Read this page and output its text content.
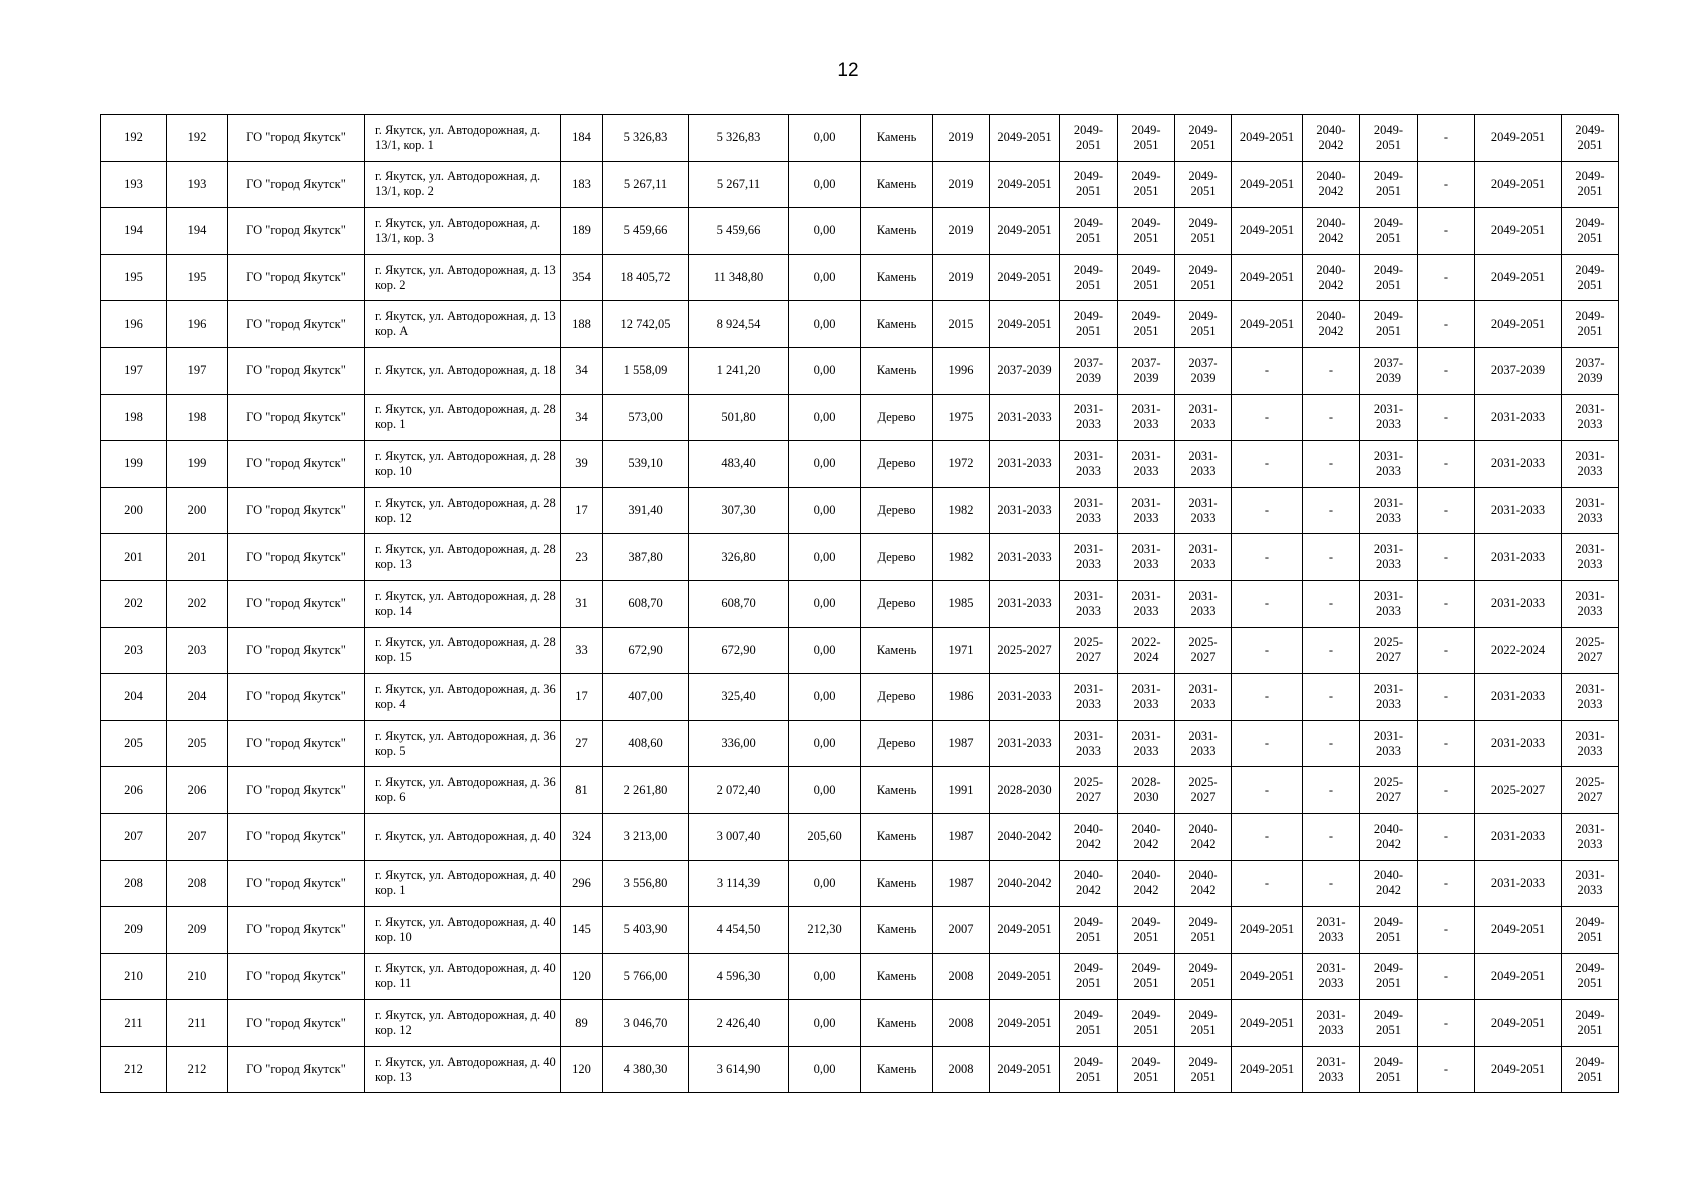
12
192	192	ГО "город Якутск"	г. Якутск, ул. Автодорожная, д. 13/1, кор. 1	184	5 326,83	5 326,83	0,00	Камень	2019	2049-2051	2049-2051	2049-2051	2049-2051	2049-2051	2040-2042	2049-2051	-	2049-2051	2049-2051
193	193	ГО "город Якутск"	г. Якутск, ул. Автодорожная, д. 13/1, кор. 2	183	5 267,11	5 267,11	0,00	Камень	2019	2049-2051	2049-2051	2049-2051	2049-2051	2049-2051	2040-2042	2049-2051	-	2049-2051	2049-2051
194	194	ГО "город Якутск"	г. Якутск, ул. Автодорожная, д. 13/1, кор. 3	189	5 459,66	5 459,66	0,00	Камень	2019	2049-2051	2049-2051	2049-2051	2049-2051	2049-2051	2040-2042	2049-2051	-	2049-2051	2049-2051
195	195	ГО "город Якутск"	г. Якутск, ул. Автодорожная, д. 13 кор. 2	354	18 405,72	11 348,80	0,00	Камень	2019	2049-2051	2049-2051	2049-2051	2049-2051	2049-2051	2040-2042	2049-2051	-	2049-2051	2049-2051
196	196	ГО "город Якутск"	г. Якутск, ул. Автодорожная, д. 13 кор. А	188	12 742,05	8 924,54	0,00	Камень	2015	2049-2051	2049-2051	2049-2051	2049-2051	2049-2051	2040-2042	2049-2051	-	2049-2051	2049-2051
197	197	ГО "город Якутск"	г. Якутск, ул. Автодорожная, д. 18	34	1 558,09	1 241,20	0,00	Камень	1996	2037-2039	2037-2039	2037-2039	2037-2039	-	-	2037-2039	-	2037-2039	2037-2039
198	198	ГО "город Якутск"	г. Якутск, ул. Автодорожная, д. 28 кор. 1	34	573,00	501,80	0,00	Дерево	1975	2031-2033	2031-2033	2031-2033	2031-2033	-	-	2031-2033	-	2031-2033	2031-2033
199	199	ГО "город Якутск"	г. Якутск, ул. Автодорожная, д. 28 кор. 10	39	539,10	483,40	0,00	Дерево	1972	2031-2033	2031-2033	2031-2033	2031-2033	-	-	2031-2033	-	2031-2033	2031-2033
200	200	ГО "город Якутск"	г. Якутск, ул. Автодорожная, д. 28 кор. 12	17	391,40	307,30	0,00	Дерево	1982	2031-2033	2031-2033	2031-2033	2031-2033	-	-	2031-2033	-	2031-2033	2031-2033
201	201	ГО "город Якутск"	г. Якутск, ул. Автодорожная, д. 28 кор. 13	23	387,80	326,80	0,00	Дерево	1982	2031-2033	2031-2033	2031-2033	2031-2033	-	-	2031-2033	-	2031-2033	2031-2033
202	202	ГО "город Якутск"	г. Якутск, ул. Автодорожная, д. 28 кор. 14	31	608,70	608,70	0,00	Дерево	1985	2031-2033	2031-2033	2031-2033	2031-2033	-	-	2031-2033	-	2031-2033	2031-2033
203	203	ГО "город Якутск"	г. Якутск, ул. Автодорожная, д. 28 кор. 15	33	672,90	672,90	0,00	Камень	1971	2025-2027	2025-2027	2022-2024	2025-2027	-	-	2025-2027	-	2022-2024	2025-2027
204	204	ГО "город Якутск"	г. Якутск, ул. Автодорожная, д. 36 кор. 4	17	407,00	325,40	0,00	Дерево	1986	2031-2033	2031-2033	2031-2033	2031-2033	-	-	2031-2033	-	2031-2033	2031-2033
205	205	ГО "город Якутск"	г. Якутск, ул. Автодорожная, д. 36 кор. 5	27	408,60	336,00	0,00	Дерево	1987	2031-2033	2031-2033	2031-2033	2031-2033	-	-	2031-2033	-	2031-2033	2031-2033
206	206	ГО "город Якутск"	г. Якутск, ул. Автодорожная, д. 36 кор. 6	81	2 261,80	2 072,40	0,00	Камень	1991	2028-2030	2025-2027	2028-2030	2025-2027	-	-	2025-2027	-	2025-2027	2025-2027
207	207	ГО "город Якутск"	г. Якутск, ул. Автодорожная, д. 40	324	3 213,00	3 007,40	205,60	Камень	1987	2040-2042	2040-2042	2040-2042	2040-2042	-	-	2040-2042	-	2031-2033	2031-2033
208	208	ГО "город Якутск"	г. Якутск, ул. Автодорожная, д. 40 кор. 1	296	3 556,80	3 114,39	0,00	Камень	1987	2040-2042	2040-2042	2040-2042	2040-2042	-	-	2040-2042	-	2031-2033	2031-2033
209	209	ГО "город Якутск"	г. Якутск, ул. Автодорожная, д. 40 кор. 10	145	5 403,90	4 454,50	212,30	Камень	2007	2049-2051	2049-2051	2049-2051	2049-2051	2049-2051	2031-2033	2049-2051	-	2049-2051	2049-2051
210	210	ГО "город Якутск"	г. Якутск, ул. Автодорожная, д. 40 кор. 11	120	5 766,00	4 596,30	0,00	Камень	2008	2049-2051	2049-2051	2049-2051	2049-2051	2049-2051	2031-2033	2049-2051	-	2049-2051	2049-2051
211	211	ГО "город Якутск"	г. Якутск, ул. Автодорожная, д. 40 кор. 12	89	3 046,70	2 426,40	0,00	Камень	2008	2049-2051	2049-2051	2049-2051	2049-2051	2049-2051	2031-2033	2049-2051	-	2049-2051	2049-2051
212	212	ГО "город Якутск"	г. Якутск, ул. Автодорожная, д. 40 кор. 13	120	4 380,30	3 614,90	0,00	Камень	2008	2049-2051	2049-2051	2049-2051	2049-2051	2049-2051	2031-2033	2049-2051	-	2049-2051	2049-2051
